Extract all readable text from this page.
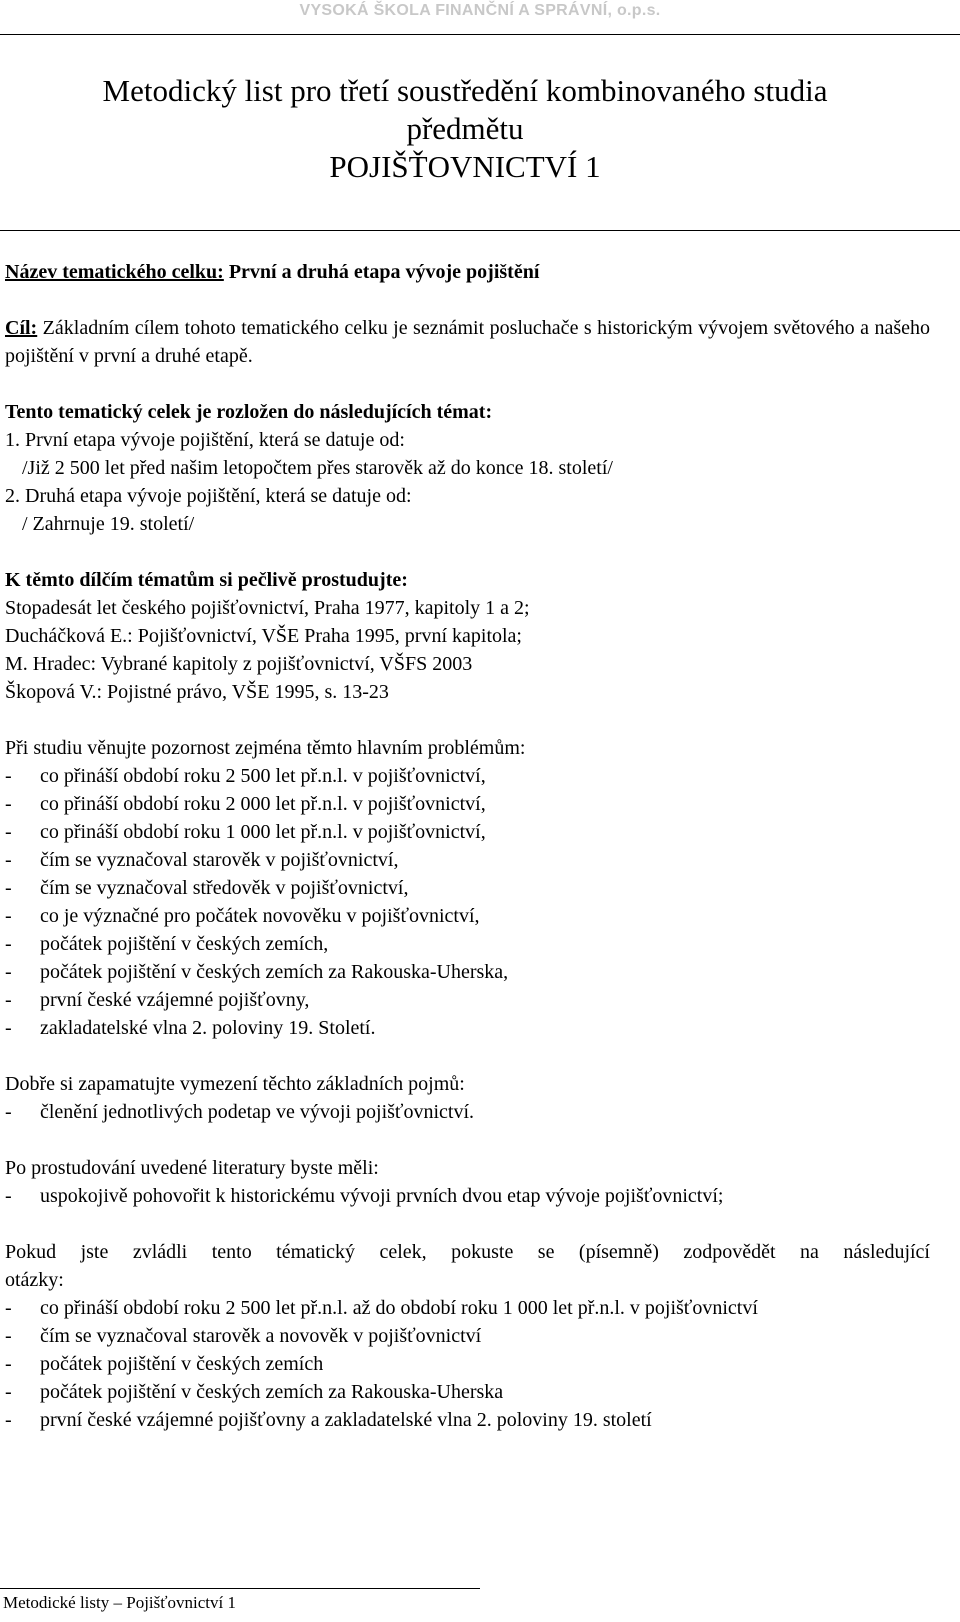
VYSOKÁ ŠKOLA FINANČNÍ A SPRÁVNÍ, o.p.s.
Metodický list pro třetí soustředění kombinovaného studia
předmětu
POJIŠŤOVNICTVÍ 1

Název tematického celku: První a druhá etapa vývoje pojištění

Cíl: Základním cílem tohoto tematického celku je seznámit posluchače s historickým vývojem světového a našeho pojištění v první a druhé etapě.

Tento tematický celek je rozložen do následujících témat:

1. První etapa vývoje pojištění, která se datuje od:

/Již 2 500 let před našim letopočtem přes starověk až do konce 18. století/

2. Druhá etapa vývoje pojištění, která se datuje od:

/ Zahrnuje 19. století/

K těmto dílčím tématům si pečlivě prostudujte:

Stopadesát let českého pojišťovnictví, Praha 1977, kapitoly 1 a 2;

Ducháčková E.: Pojišťovnictví, VŠE Praha 1995, první kapitola;

M. Hradec: Vybrané kapitoly z pojišťovnictví, VŠFS 2003

Škopová V.: Pojistné právo, VŠE 1995, s. 13-23

Při studiu věnujte pozornost zejména těmto hlavním problémům:

-	co přináší období roku 2 500 let př.n.l. v pojišťovnictví,
-	co přináší období roku 2 000 let př.n.l. v pojišťovnictví,
-	co přináší období roku 1 000 let př.n.l. v pojišťovnictví,
-	čím se vyznačoval starověk v pojišťovnictví,
-	čím se vyznačoval středověk v pojišťovnictví,
-	co je význačné pro počátek novověku v pojišťovnictví,
-	počátek pojištění v českých zemích,
-	počátek pojištění v českých zemích za Rakouska-Uherska,
-	první české vzájemné pojišťovny,
-	zakladatelské vlna 2. poloviny 19. Století.

Dobře si zapamatujte vymezení těchto základních pojmů:

-	členění jednotlivých podetap ve vývoji pojišťovnictví.

Po prostudování uvedené literatury byste měli:

-	uspokojivě pohovořit k historickému vývoji prvních dvou etap vývoje pojišťovnictví;

Pokud jste zvládli tento tématický celek, pokuste se (písemně) zodpovědět na následující

otázky:

-	co přináší období roku 2 500 let př.n.l. až do období roku 1 000 let př.n.l. v pojišťovnictví
-	čím se vyznačoval starověk a novověk v pojišťovnictví
-	počátek pojištění v českých zemích
-	počátek pojištění v českých zemích za Rakouska-Uherska
-	první české vzájemné pojišťovny a zakladatelské vlna 2. poloviny 19. století
Metodické listy – Pojišťovnictví 1
